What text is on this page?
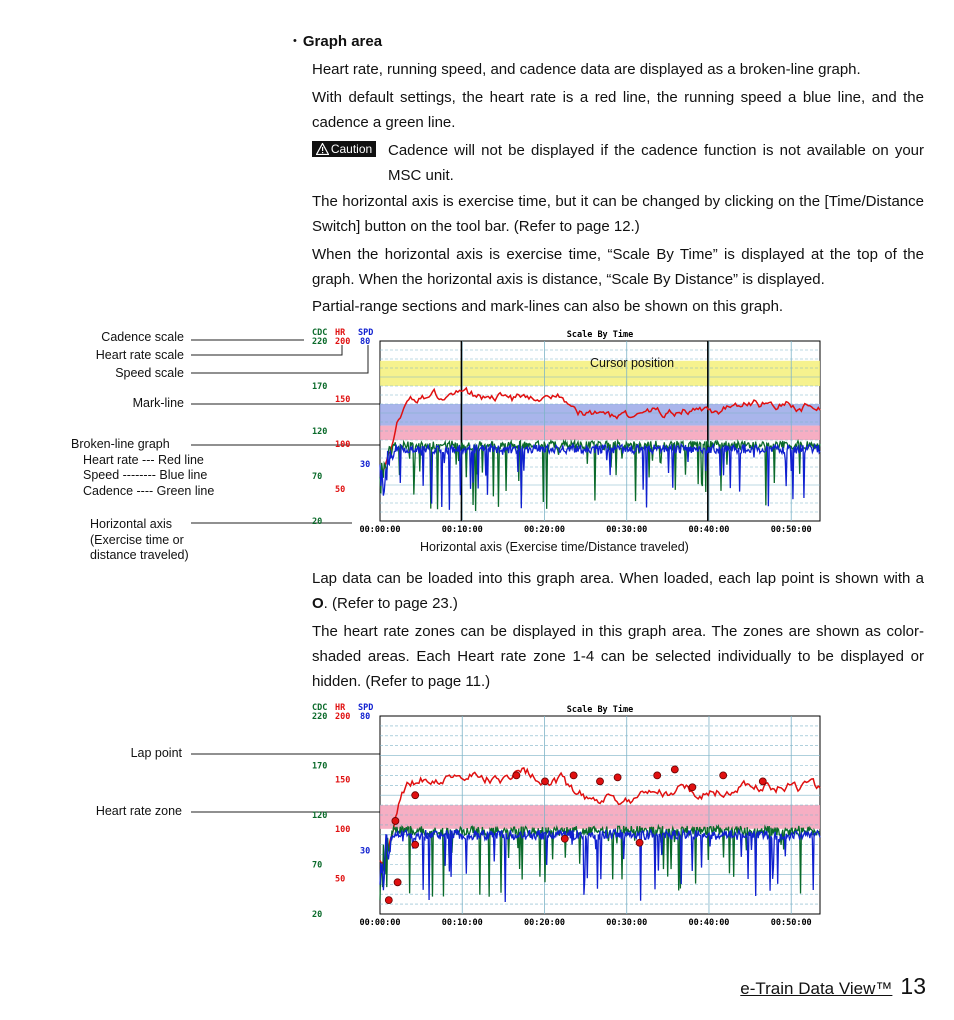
• Graph area
Heart rate, running speed, and cadence data are displayed as a broken-line graph.
With default settings, the heart rate is a red line, the running speed a blue line, and the cadence a green line.
Caution Cadence will not be displayed if the cadence function is not available on your MSC unit.
The horizontal axis is exercise time, but it can be changed by clicking on the [Time/Distance Switch] button on the tool bar. (Refer to page 12.)
When the horizontal axis is exercise time, “Scale By Time” is displayed at the top of the graph. When the horizontal axis is distance, “Scale By Distance” is displayed.
Partial-range sections and mark-lines can also be shown on this graph.
Cadence scale
Heart rate scale
Speed scale
Mark-line
Broken-line graph
Heart rate --- Red line
Speed -------- Blue line
Cadence ---- Green line
Horizontal axis
(Exercise time or
distance traveled)
Scale By Time
CDC HR SPD
220
170
120
70
20
200
150
100
50
80
30
00:00:00	00:10:00	00:20:00	00:30:00	00:40:00	00:50:00
Cursor position
Horizontal axis (Exercise time/Distance traveled)
Lap data can be loaded into this graph area. When loaded, each lap point is shown with a O. (Refer to page 23.)
The heart rate zones can be displayed in this graph area. The zones are shown as color-shaded areas. Each Heart rate zone 1-4 can be selected individually to be displayed or hidden. (Refer to page 11.)
Lap point
Heart rate zone
Scale By Time
CDC HR SPD
220
170
120
70
20
200
150
100
50
80
30
00:00:00	00:10:00	00:20:00	00:30:00	00:40:00	00:50:00
e-Train Data View™ 13
